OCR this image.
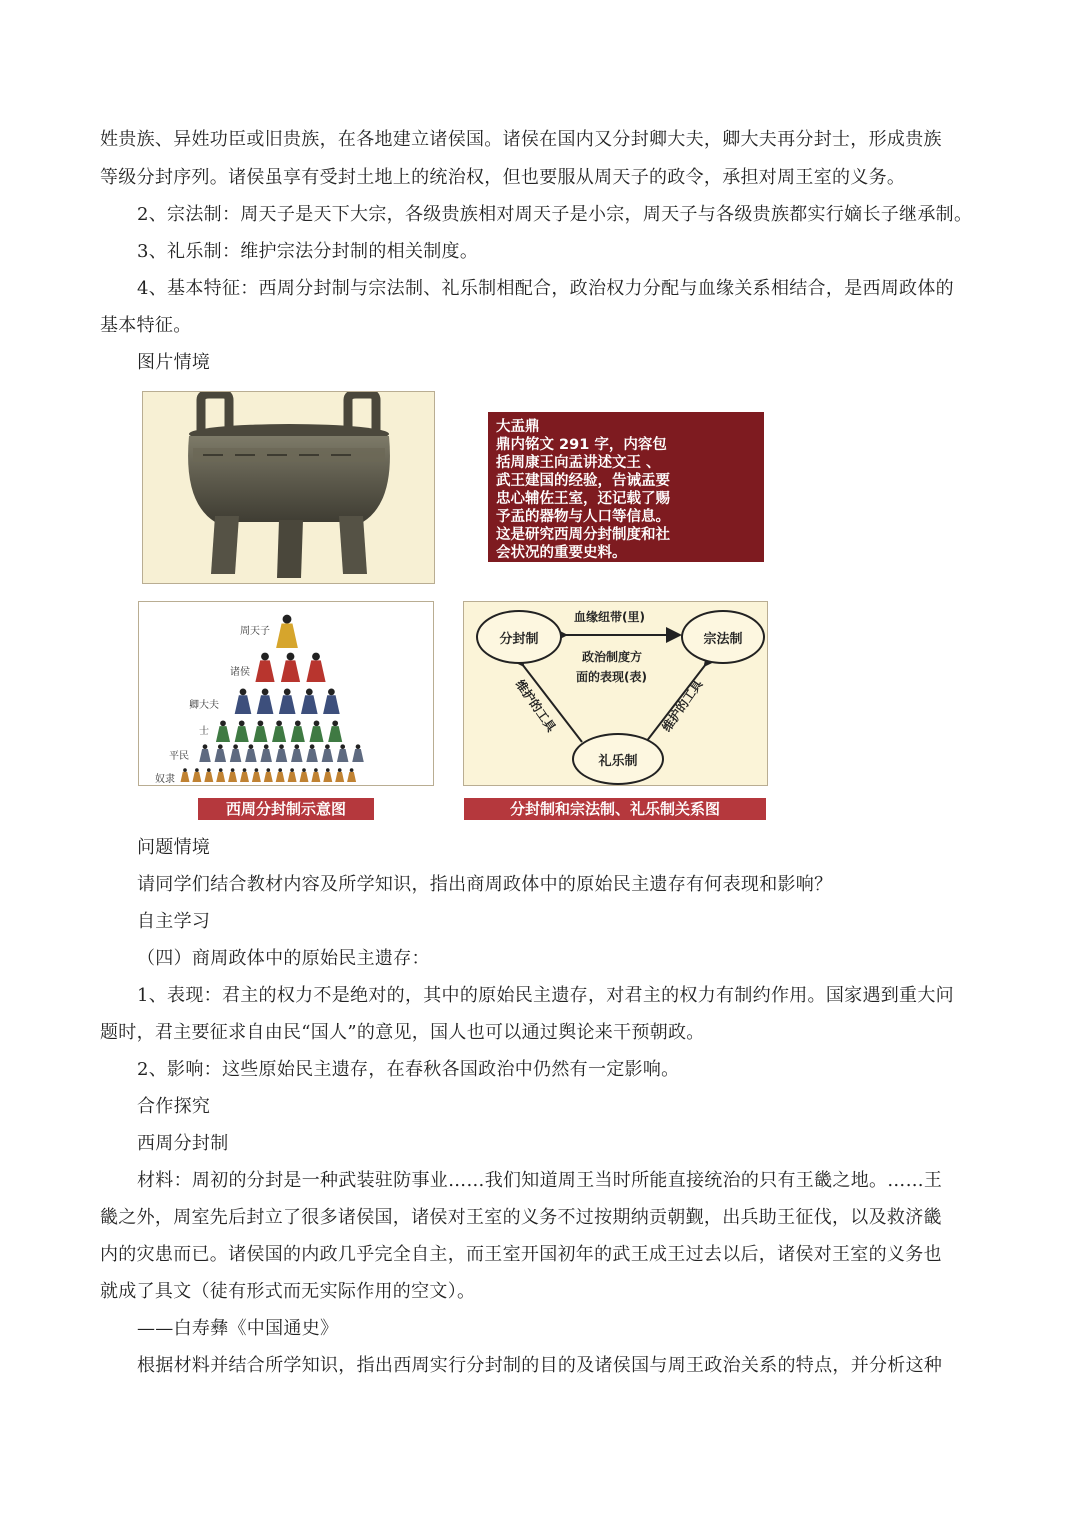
姓贵族、异姓功臣或旧贵族，在各地建立诸侯国。诸侯在国内又分封卿大夫，卿大夫再分封士，形成贵族
等级分封序列。诸侯虽享有受封土地上的统治权，但也要服从周天子的政令，承担对周王室的义务。
2、宗法制：周天子是天下大宗，各级贵族相对周天子是小宗，周天子与各级贵族都实行嫡长子继承制。
3、礼乐制：维护宗法分封制的相关制度。
4、基本特征：西周分封制与宗法制、礼乐制相配合，政治权力分配与血缘关系相结合，是西周政体的
基本特征。
图片情境
大盂鼎
鼎内铭文 291 字，内容包
括周康王向盂讲述文王 、
武王建国的经验，告诫盂要
忠心辅佐王室，还记载了赐
予盂的器物与人口等信息。
这是研究西周分封制度和社
会状况的重要史料。
周天子
诸侯
卿大夫
士
平民
奴隶
西周分封制示意图
分封制	宗法制
礼乐制
血缘纽带(里)
政治制度方
面的表现(表)
维护的工具	维护的工具
分封制和宗法制、礼乐制关系图
问题情境
请同学们结合教材内容及所学知识，指出商周政体中的原始民主遗存有何表现和影响？
自主学习
（四）商周政体中的原始民主遗存：
1、表现：君主的权力不是绝对的，其中的原始民主遗存，对君主的权力有制约作用。国家遇到重大问
题时，君主要征求自由民“国人”的意见，国人也可以通过舆论来干预朝政。
2、影响：这些原始民主遗存，在春秋各国政治中仍然有一定影响。
合作探究
西周分封制
材料：周初的分封是一种武装驻防事业……我们知道周王当时所能直接统治的只有王畿之地。……王
畿之外，周室先后封立了很多诸侯国，诸侯对王室的义务不过按期纳贡朝觐，出兵助王征伐，以及救济畿
内的灾患而已。诸侯国的内政几乎完全自主，而王室开国初年的武王成王过去以后，诸侯对王室的义务也
就成了具文（徒有形式而无实际作用的空文）。
——白寿彝《中国通史》
根据材料并结合所学知识，指出西周实行分封制的目的及诸侯国与周王政治关系的特点，并分析这种
